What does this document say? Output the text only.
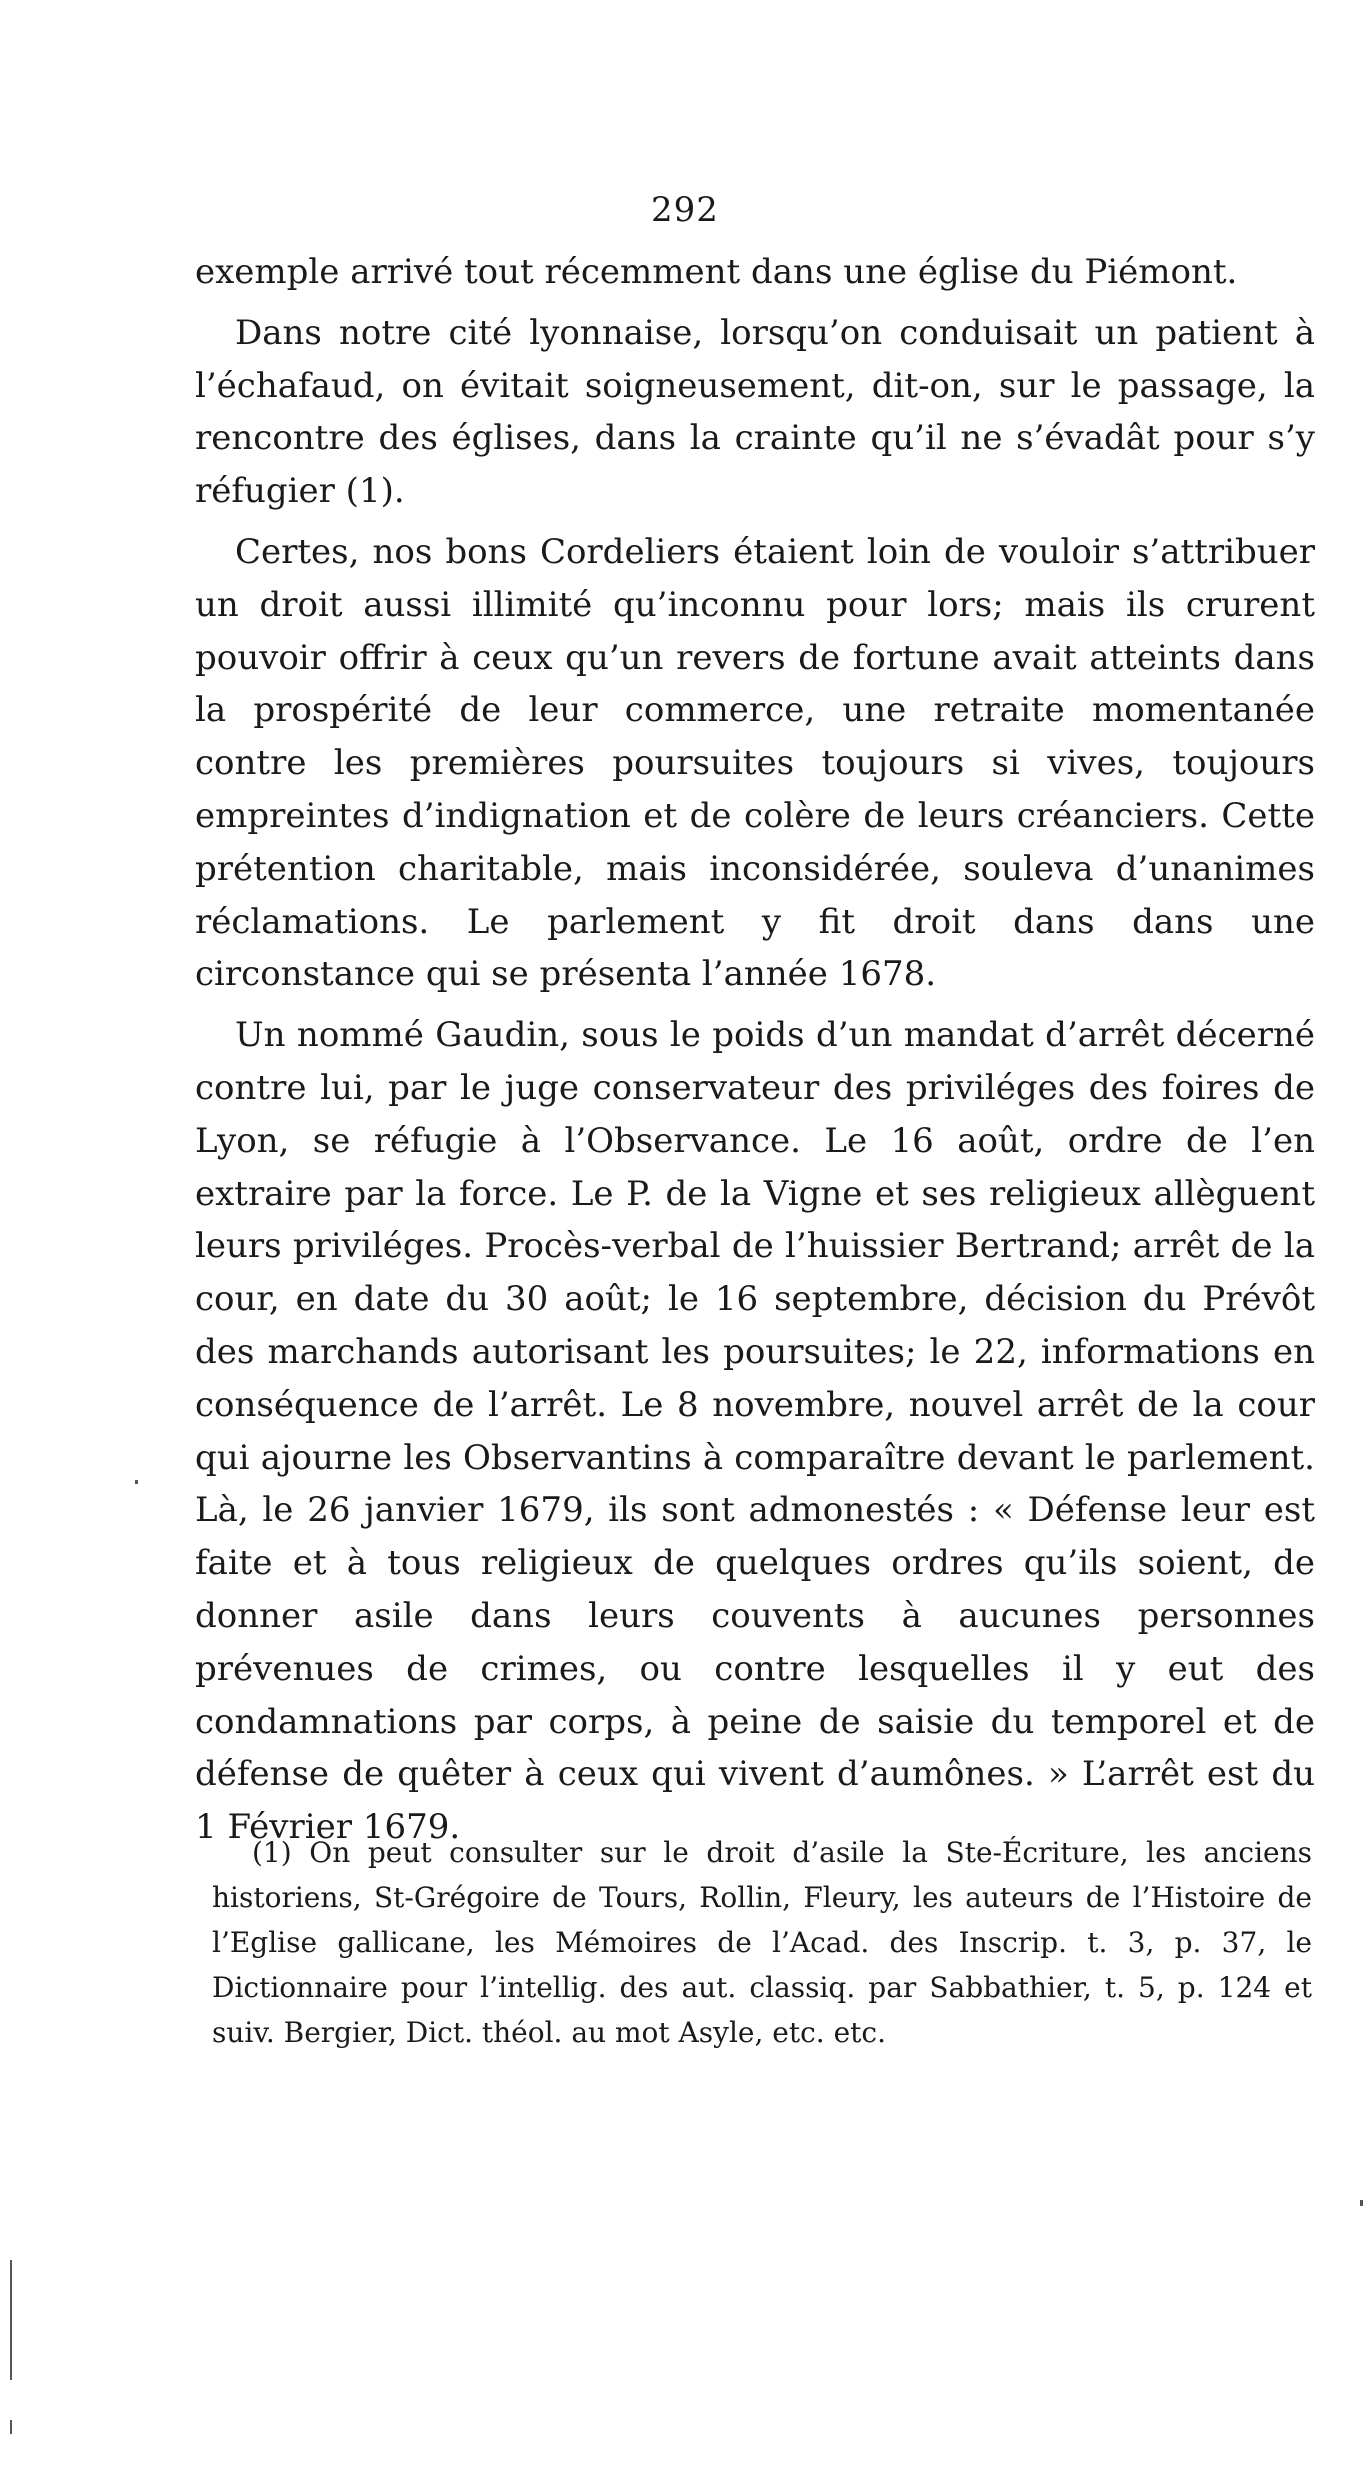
292

exemple arrivé tout récemment dans une église du Piémont.

Dans notre cité lyonnaise, lorsqu’on conduisait un patient à l’échafaud, on évitait soigneusement, dit-on, sur le passage, la rencontre des églises, dans la crainte qu’il ne s’évadât pour s’y réfugier (1).

Certes, nos bons Cordeliers étaient loin de vouloir s’attribuer un droit aussi illimité qu’inconnu pour lors; mais ils crurent pouvoir offrir à ceux qu’un revers de fortune avait atteints dans la prospérité de leur commerce, une retraite momentanée contre les premières poursuites toujours si vives, toujours empreintes d’indignation et de colère de leurs créanciers. Cette prétention charitable, mais inconsidérée, souleva d’unanimes réclamations. Le parlement y fit droit dans dans une circonstance qui se présenta l’année 1678.

Un nommé Gaudin, sous le poids d’un mandat d’arrêt décerné contre lui, par le juge conservateur des priviléges des foires de Lyon, se réfugie à l’Observance. Le 16 août, ordre de l’en extraire par la force. Le P. de la Vigne et ses religieux allèguent leurs priviléges. Procès-verbal de l’huissier Bertrand; arrêt de la cour, en date du 30 août; le 16 septembre, décision du Prévôt des marchands autorisant les poursuites; le 22, informations en conséquence de l’arrêt. Le 8 novembre, nouvel arrêt de la cour qui ajourne les Observantins à comparaître devant le parlement. Là, le 26 janvier 1679, ils sont admonestés : « Défense leur est faite et à tous religieux de quelques ordres qu’ils soient, de donner asile dans leurs couvents à aucunes personnes prévenues de crimes, ou contre lesquelles il y eut des condamnations par corps, à peine de saisie du temporel et de défense de quêter à ceux qui vivent d’aumônes. » L’arrêt est du 1 Février 1679.

(1) On peut consulter sur le droit d’asile la Ste-Écriture, les anciens historiens, St-Grégoire de Tours, Rollin, Fleury, les auteurs de l’Histoire de l’Eglise gallicane, les Mémoires de l’Acad. des Inscrip. t. 3, p. 37, le Dictionnaire pour l’intellig. des aut. classiq. par Sabbathier, t. 5, p. 124 et suiv. Bergier, Dict. théol. au mot Asyle, etc. etc.
